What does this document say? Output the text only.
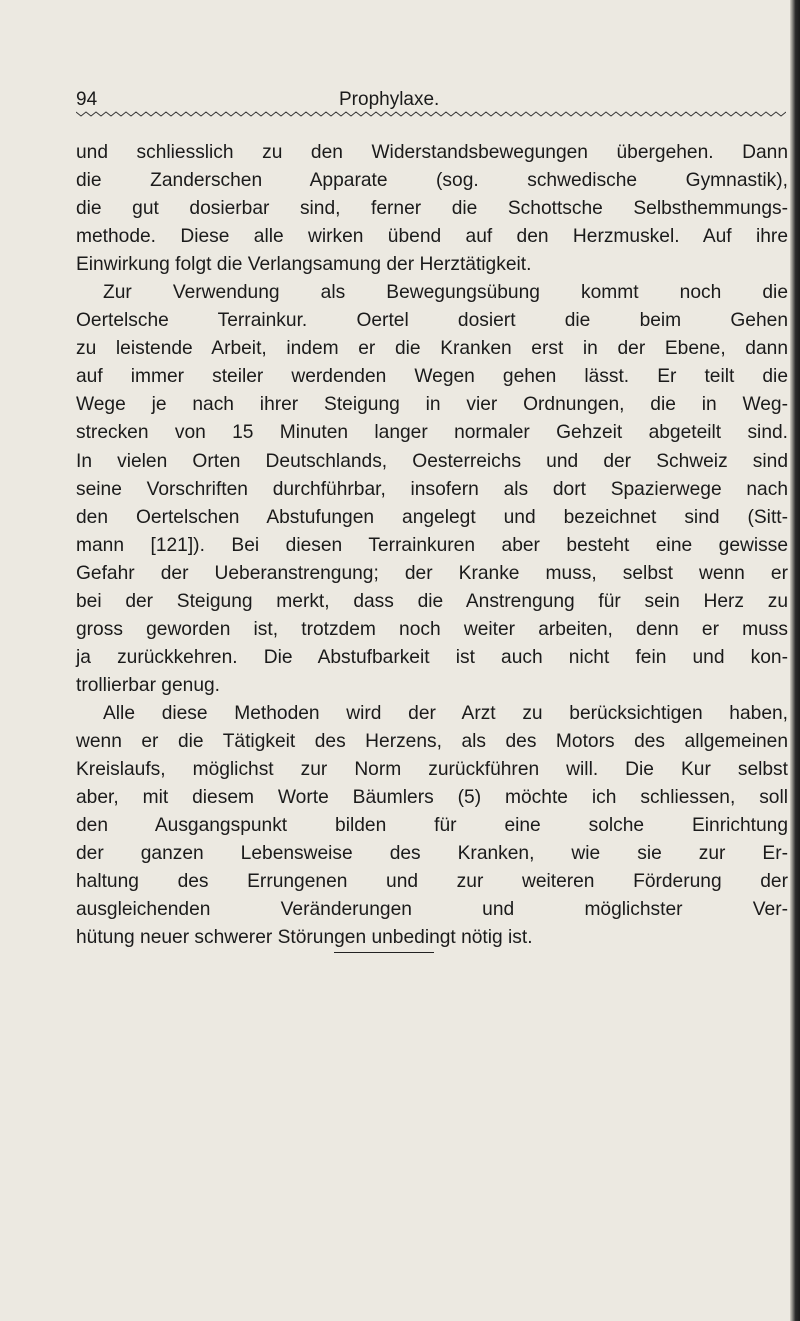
94	Prophylaxe.
und schliesslich zu den Widerstandsbewegungen übergehen. Dann
die Zanderschen Apparate (sog. schwedische Gymnastik),
die gut dosierbar sind, ferner die Schottsche Selbsthemmungs-
methode. Diese alle wirken übend auf den Herzmuskel. Auf ihre
Einwirkung folgt die Verlangsamung der Herztätigkeit.
Zur Verwendung als Bewegungsübung kommt noch die
Oertelsche Terrainkur. Oertel dosiert die beim Gehen
zu leistende Arbeit, indem er die Kranken erst in der Ebene, dann
auf immer steiler werdenden Wegen gehen lässt. Er teilt die
Wege je nach ihrer Steigung in vier Ordnungen, die in Weg-
strecken von 15 Minuten langer normaler Gehzeit abgeteilt sind.
In vielen Orten Deutschlands, Oesterreichs und der Schweiz sind
seine Vorschriften durchführbar, insofern als dort Spazierwege nach
den Oertelschen Abstufungen angelegt und bezeichnet sind (Sitt-
mann [121]). Bei diesen Terrainkuren aber besteht eine gewisse
Gefahr der Ueberanstrengung; der Kranke muss, selbst wenn er
bei der Steigung merkt, dass die Anstrengung für sein Herz zu
gross geworden ist, trotzdem noch weiter arbeiten, denn er muss
ja zurückkehren. Die Abstufbarkeit ist auch nicht fein und kon-
trollierbar genug.
Alle diese Methoden wird der Arzt zu berücksichtigen haben,
wenn er die Tätigkeit des Herzens, als des Motors des allgemeinen
Kreislaufs, möglichst zur Norm zurückführen will. Die Kur selbst
aber, mit diesem Worte Bäumlers (5) möchte ich schliessen, soll
den Ausgangspunkt bilden für eine solche Einrichtung
der ganzen Lebensweise des Kranken, wie sie zur Er-
haltung des Errungenen und zur weiteren Förderung der
ausgleichenden Veränderungen und möglichster Ver-
hütung neuer schwerer Störungen unbedingt nötig ist.
